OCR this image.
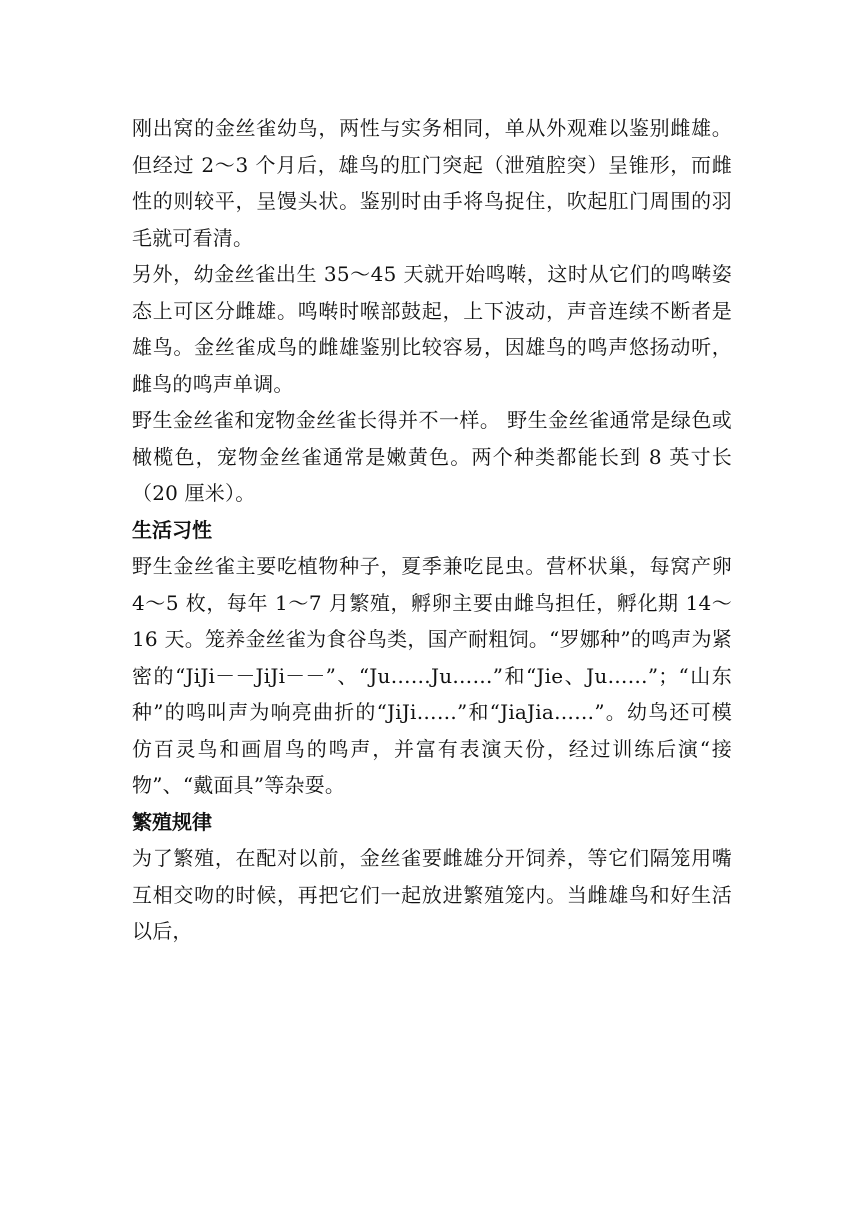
刚出窝的金丝雀幼鸟，两性与实务相同，单从外观难以鉴别雌雄。但经过 2～3 个月后，雄鸟的肛门突起（泄殖腔突）呈锥形，而雌性的则较平，呈馒头状。鉴别时由手将鸟捉住，吹起肛门周围的羽毛就可看清。

另外，幼金丝雀出生 35～45 天就开始鸣啭，这时从它们的鸣啭姿态上可区分雌雄。鸣啭时喉部鼓起，上下波动，声音连续不断者是雄鸟。金丝雀成鸟的雌雄鉴别比较容易，因雄鸟的鸣声悠扬动听，雌鸟的鸣声单调。

野生金丝雀和宠物金丝雀长得并不一样。 野生金丝雀通常是绿色或橄榄色，宠物金丝雀通常是嫩黄色。两个种类都能长到 8 英寸长（20 厘米）。

生活习性

野生金丝雀主要吃植物种子，夏季兼吃昆虫。营杯状巢，每窝产卵 4～5 枚，每年 1～7 月繁殖，孵卵主要由雌鸟担任，孵化期 14～16 天。笼养金丝雀为食谷鸟类，国产耐粗饲。“罗娜种”的鸣声为紧密的“JiJi－－JiJi－－”、“Ju……Ju……”和“Jie、Ju……”；“山东种”的鸣叫声为响亮曲折的“JiJi……”和“JiaJia……”。幼鸟还可模仿百灵鸟和画眉鸟的鸣声，并富有表演天份，经过训练后演“接物”、“戴面具”等杂耍。

繁殖规律

为了繁殖，在配对以前，金丝雀要雌雄分开饲养，等它们隔笼用嘴互相交吻的时候，再把它们一起放进繁殖笼内。当雌雄鸟和好生活以后，
